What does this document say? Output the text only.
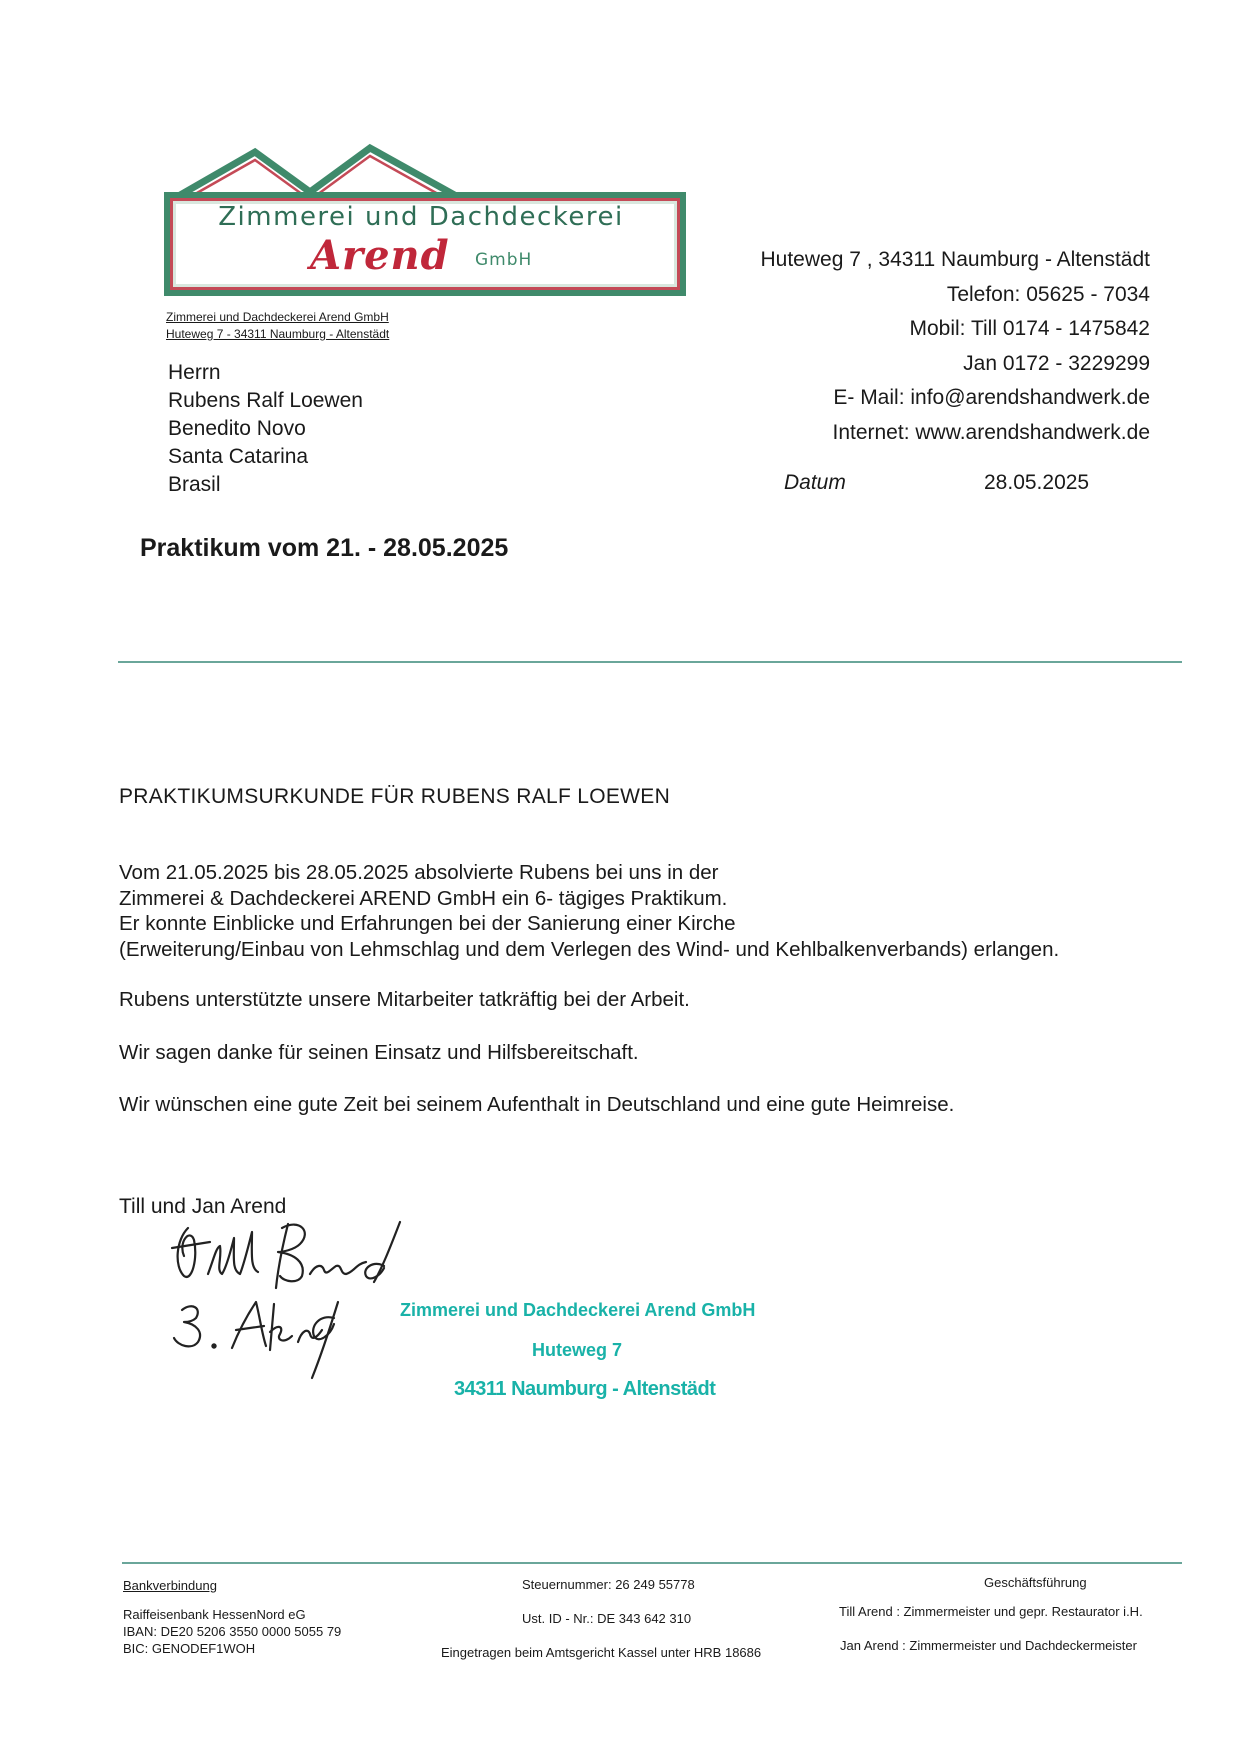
Zimmerei und Dachdeckerei
Arend GmbH
Zimmerei und Dachdeckerei Arend GmbH
Huteweg 7 - 34311 Naumburg - Altenstädt
Herrn
Rubens Ralf Loewen
Benedito Novo
Santa Catarina
Brasil
Huteweg 7 , 34311 Naumburg - Altenstädt
Telefon: 05625 - 7034
Mobil: Till 0174 - 1475842
Jan 0172 - 3229299
E- Mail: info@arendshandwerk.de
Internet: www.arendshandwerk.de
Datum	28.05.2025
Praktikum vom 21. - 28.05.2025
PRAKTIKUMSURKUNDE FÜR RUBENS RALF LOEWEN
Vom 21.05.2025 bis 28.05.2025 absolvierte Rubens bei uns in der
Zimmerei & Dachdeckerei AREND GmbH ein 6- tägiges Praktikum.
Er konnte Einblicke und Erfahrungen bei der Sanierung einer Kirche
(Erweiterung/Einbau von Lehmschlag und dem Verlegen des Wind- und Kehlbalkenverbands) erlangen.
Rubens unterstützte unsere Mitarbeiter tatkräftig bei der Arbeit.
Wir sagen danke für seinen Einsatz und Hilfsbereitschaft.
Wir wünschen eine gute Zeit bei seinem Aufenthalt in Deutschland und eine gute Heimreise.
Till und Jan Arend
Zimmerei und Dachdeckerei Arend GmbH
Huteweg 7
34311 Naumburg - Altenstädt
Bankverbindung
Raiffeisenbank HessenNord eG
IBAN: DE20 5206 3550 0000 5055 79
BIC: GENODEF1WOH
Steuernummer: 26 249 55778
Ust. ID - Nr.: DE 343 642 310
Eingetragen beim Amtsgericht Kassel unter HRB 18686
Geschäftsführung
Till Arend : Zimmermeister und gepr. Restaurator i.H.
Jan Arend : Zimmermeister und Dachdeckermeister
